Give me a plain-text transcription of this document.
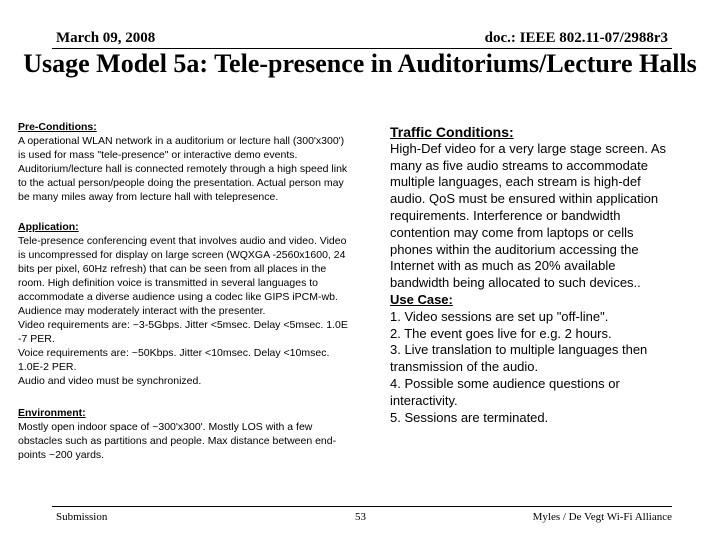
March 09, 2008	doc.: IEEE 802.11-07/2988r3
Usage Model 5a: Tele-presence in Auditoriums/Lecture Halls
Pre-Conditions:
A operational WLAN network in a auditorium or lecture hall (300'x300')
is used for mass "tele-presence" or interactive demo events.
Auditorium/lecture hall is connected remotely through a high speed link
to the actual person/people doing the presentation. Actual person may
be many miles away from lecture hall with telepresence.
Application:
Tele-presence conferencing event that involves audio and video. Video
is uncompressed for display on large screen (WQXGA -2560x1600, 24
bits per pixel, 60Hz refresh) that can be seen from all places in the
room. High definition voice is transmitted in several languages to
accommodate a diverse audience using a codec like GIPS iPCM-wb.
Audience may moderately interact with the presenter.
Video requirements are: ~3-5Gbps. Jitter <5msec. Delay <5msec. 1.0E
-7 PER.
Voice requirements are: ~50Kbps. Jitter <10msec. Delay <10msec.
1.0E-2 PER.
Audio and video must be synchronized.
Environment:
Mostly open indoor space of ~300'x300'. Mostly LOS with a few
obstacles such as partitions and people. Max distance between end-
points ~200 yards.
Traffic Conditions:
High-Def video for a very large stage screen. As
many as five audio streams to accommodate
multiple languages, each stream is high-def
audio. QoS must be ensured within application
requirements. Interference or bandwidth
contention may come from laptops or cells
phones within the auditorium accessing the
Internet with as much as 20% available
bandwidth being allocated to such devices..
Use Case:
1. Video sessions are set up "off-line".
2. The event goes live for e.g. 2 hours.
3. Live translation to multiple languages then
transmission of the audio.
4. Possible some audience questions or
interactivity.
5. Sessions are terminated.
Submission	53	Myles / De Vegt Wi-Fi Alliance
